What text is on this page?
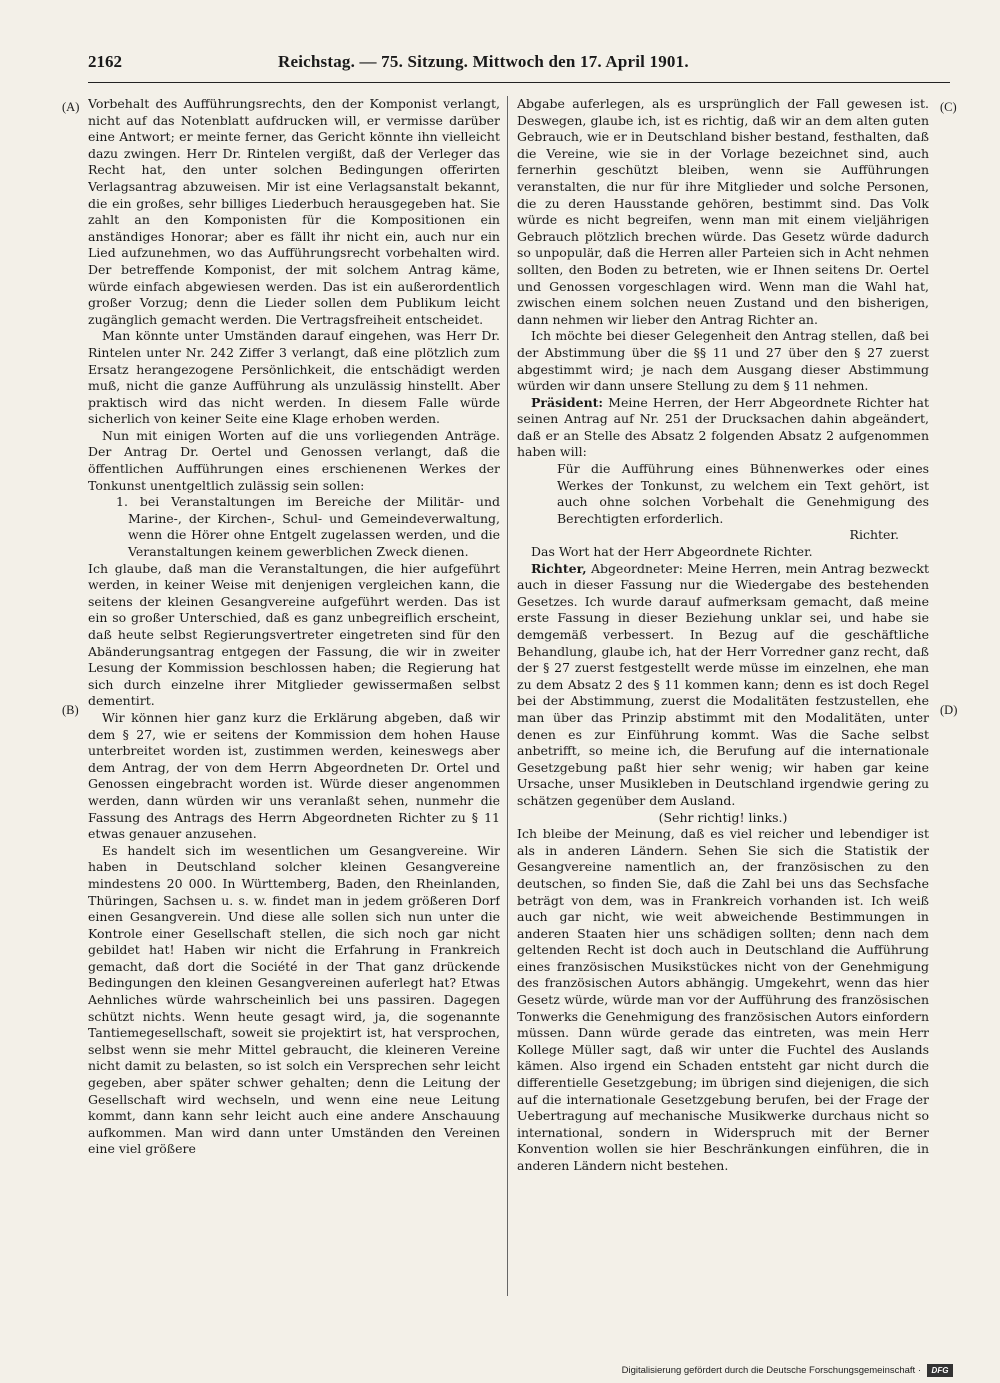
2162	Reichstag. — 75. Sitzung. Mittwoch den 17. April 1901.
(A)
(B)
(C)
(D)

Vorbehalt des Aufführungsrechts, den der Komponist verlangt, nicht auf das Notenblatt aufdrucken will, er vermisse darüber eine Antwort; er meinte ferner, das Gericht könnte ihn vielleicht dazu zwingen. Herr Dr. Rintelen vergißt, daß der Verleger das Recht hat, den unter solchen Bedingungen offerirten Verlagsantrag abzuweisen. Mir ist eine Verlagsanstalt bekannt, die ein großes, sehr billiges Liederbuch herausgegeben hat. Sie zahlt an den Komponisten für die Kompositionen ein anständiges Honorar; aber es fällt ihr nicht ein, auch nur ein Lied aufzunehmen, wo das Aufführungsrecht vorbehalten wird. Der betreffende Komponist, der mit solchem Antrag käme, würde einfach abgewiesen werden. Das ist ein außerordentlich großer Vorzug; denn die Lieder sollen dem Publikum leicht zugänglich gemacht werden. Die Vertragsfreiheit entscheidet.

Man könnte unter Umständen darauf eingehen, was Herr Dr. Rintelen unter Nr. 242 Ziffer 3 verlangt, daß eine plötzlich zum Ersatz herangezogene Persönlichkeit, die entschädigt werden muß, nicht die ganze Aufführung als unzulässig hinstellt. Aber praktisch wird das nicht werden. In diesem Falle würde sicherlich von keiner Seite eine Klage erhoben werden.

Nun mit einigen Worten auf die uns vorliegenden Anträge. Der Antrag Dr. Oertel und Genossen verlangt, daß die öffentlichen Aufführungen eines erschienenen Werkes der Tonkunst unentgeltlich zulässig sein sollen:

1. bei Veranstaltungen im Bereiche der Militär- und Marine-, der Kirchen-, Schul- und Gemeindeverwaltung, wenn die Hörer ohne Entgelt zugelassen werden, und die Veranstaltungen keinem gewerblichen Zweck dienen.

Ich glaube, daß man die Veranstaltungen, die hier aufgeführt werden, in keiner Weise mit denjenigen vergleichen kann, die seitens der kleinen Gesangvereine aufgeführt werden. Das ist ein so großer Unterschied, daß es ganz unbegreiflich erscheint, daß heute selbst Regierungsvertreter eingetreten sind für den Abänderungsantrag entgegen der Fassung, die wir in zweiter Lesung der Kommission beschlossen haben; die Regierung hat sich durch einzelne ihrer Mitglieder gewissermaßen selbst dementirt.

Wir können hier ganz kurz die Erklärung abgeben, daß wir dem § 27, wie er seitens der Kommission dem hohen Hause unterbreitet worden ist, zustimmen werden, keineswegs aber dem Antrag, der von dem Herrn Abgeordneten Dr. Ortel und Genossen eingebracht worden ist. Würde dieser angenommen werden, dann würden wir uns veranlaßt sehen, nunmehr die Fassung des Antrags des Herrn Abgeordneten Richter zu § 11 etwas genauer anzusehen.

Es handelt sich im wesentlichen um Gesangvereine. Wir haben in Deutschland solcher kleinen Gesangvereine mindestens 20 000. In Württemberg, Baden, den Rheinlanden, Thüringen, Sachsen u. s. w. findet man in jedem größeren Dorf einen Gesangverein. Und diese alle sollen sich nun unter die Kontrole einer Gesellschaft stellen, die sich noch gar nicht gebildet hat! Haben wir nicht die Erfahrung in Frankreich gemacht, daß dort die Société in der That ganz drückende Bedingungen den kleinen Gesangvereinen auferlegt hat? Etwas Aehnliches würde wahrscheinlich bei uns passiren. Dagegen schützt nichts. Wenn heute gesagt wird, ja, die sogenannte Tantiemegesellschaft, soweit sie projektirt ist, hat versprochen, selbst wenn sie mehr Mittel gebraucht, die kleineren Vereine nicht damit zu belasten, so ist solch ein Versprechen sehr leicht gegeben, aber später schwer gehalten; denn die Leitung der Gesellschaft wird wechseln, und wenn eine neue Leitung kommt, dann kann sehr leicht auch eine andere Anschauung aufkommen. Man wird dann unter Umständen den Vereinen eine viel größere

Abgabe auferlegen, als es ursprünglich der Fall gewesen ist. Deswegen, glaube ich, ist es richtig, daß wir an dem alten guten Gebrauch, wie er in Deutschland bisher bestand, festhalten, daß die Vereine, wie sie in der Vorlage bezeichnet sind, auch fernerhin geschützt bleiben, wenn sie Aufführungen veranstalten, die nur für ihre Mitglieder und solche Personen, die zu deren Hausstande gehören, bestimmt sind. Das Volk würde es nicht begreifen, wenn man mit einem vieljährigen Gebrauch plötzlich brechen würde. Das Gesetz würde dadurch so unpopulär, daß die Herren aller Parteien sich in Acht nehmen sollten, den Boden zu betreten, wie er Ihnen seitens Dr. Oertel und Genossen vorgeschlagen wird. Wenn man die Wahl hat, zwischen einem solchen neuen Zustand und den bisherigen, dann nehmen wir lieber den Antrag Richter an.

Ich möchte bei dieser Gelegenheit den Antrag stellen, daß bei der Abstimmung über die §§ 11 und 27 über den § 27 zuerst abgestimmt wird; je nach dem Ausgang dieser Abstimmung würden wir dann unsere Stellung zu dem § 11 nehmen.

Präsident: Meine Herren, der Herr Abgeordnete Richter hat seinen Antrag auf Nr. 251 der Drucksachen dahin abgeändert, daß er an Stelle des Absatz 2 folgenden Absatz 2 aufgenommen haben will:

Für die Aufführung eines Bühnenwerkes oder eines Werkes der Tonkunst, zu welchem ein Text gehört, ist auch ohne solchen Vorbehalt die Genehmigung des Berechtigten erforderlich.

Richter.

Das Wort hat der Herr Abgeordnete Richter.

Richter, Abgeordneter: Meine Herren, mein Antrag bezweckt auch in dieser Fassung nur die Wiedergabe des bestehenden Gesetzes. Ich wurde darauf aufmerksam gemacht, daß meine erste Fassung in dieser Beziehung unklar sei, und habe sie demgemäß verbessert. In Bezug auf die geschäftliche Behandlung, glaube ich, hat der Herr Vorredner ganz recht, daß der § 27 zuerst festgestellt werde müsse im einzelnen, ehe man zu dem Absatz 2 des § 11 kommen kann; denn es ist doch Regel bei der Abstimmung, zuerst die Modalitäten festzustellen, ehe man über das Prinzip abstimmt mit den Modalitäten, unter denen es zur Einführung kommt. Was die Sache selbst anbetrifft, so meine ich, die Berufung auf die internationale Gesetzgebung paßt hier sehr wenig; wir haben gar keine Ursache, unser Musikleben in Deutschland irgendwie gering zu schätzen gegenüber dem Ausland.

(Sehr richtig! links.)

Ich bleibe der Meinung, daß es viel reicher und lebendiger ist als in anderen Ländern. Sehen Sie sich die Statistik der Gesangvereine namentlich an, der französischen zu den deutschen, so finden Sie, daß die Zahl bei uns das Sechsfache beträgt von dem, was in Frankreich vorhanden ist. Ich weiß auch gar nicht, wie weit abweichende Bestimmungen in anderen Staaten hier uns schädigen sollten; denn nach dem geltenden Recht ist doch auch in Deutschland die Aufführung eines französischen Musikstückes nicht von der Genehmigung des französischen Autors abhängig. Umgekehrt, wenn das hier Gesetz würde, würde man vor der Aufführung des französischen Tonwerks die Genehmigung des französischen Autors einfordern müssen. Dann würde gerade das eintreten, was mein Herr Kollege Müller sagt, daß wir unter die Fuchtel des Auslands kämen. Also irgend ein Schaden entsteht gar nicht durch die differentielle Gesetzgebung; im übrigen sind diejenigen, die sich auf die internationale Gesetzgebung berufen, bei der Frage der Uebertragung auf mechanische Musikwerke durchaus nicht so international, sondern in Widerspruch mit der Berner Konvention wollen sie hier Beschränkungen einführen, die in anderen Ländern nicht bestehen.

Digitalisierung gefördert durch die Deutsche Forschungsgemeinschaft ·	DFG
